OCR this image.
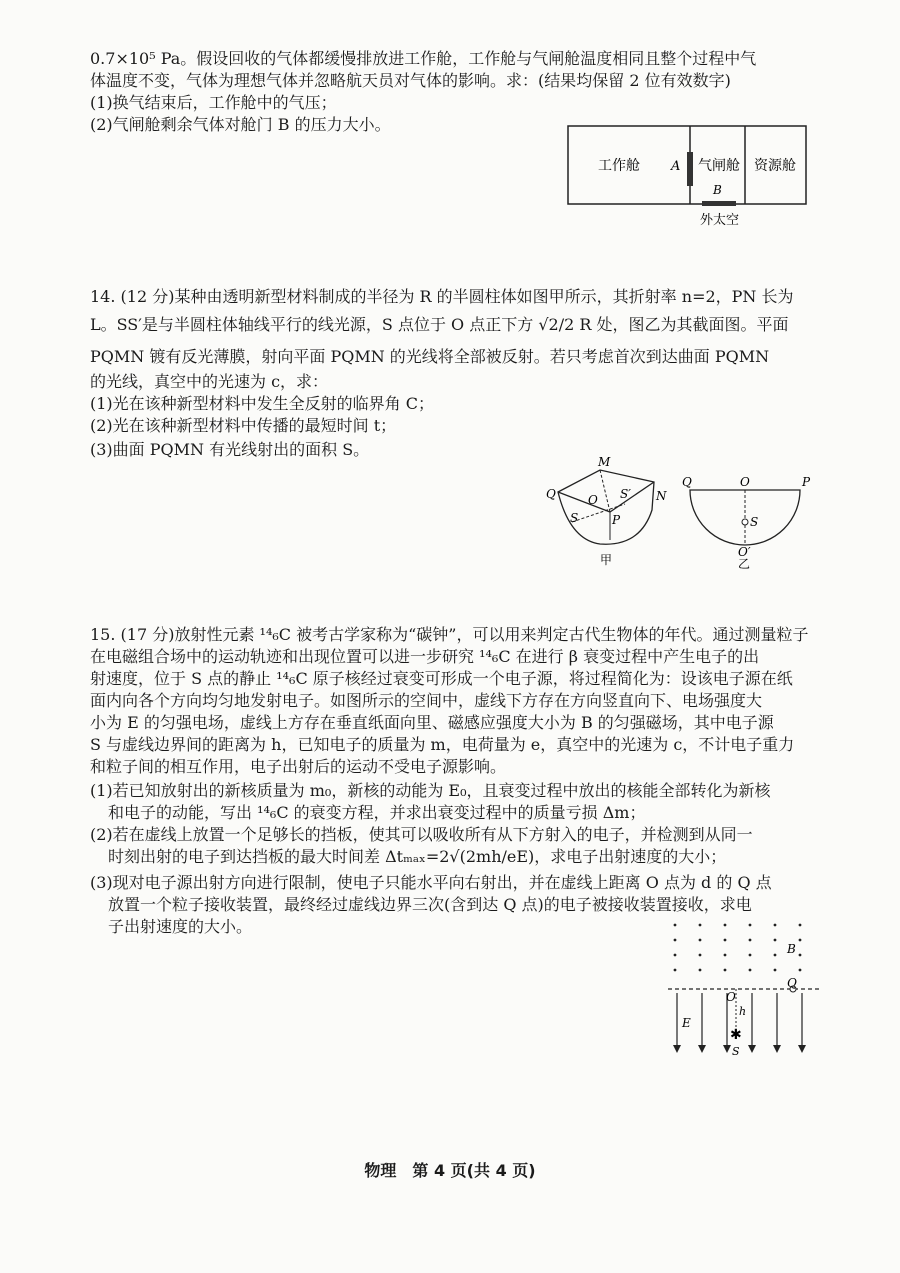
0.7×10⁵ Pa。假设回收的气体都缓慢排放进工作舱，工作舱与气闸舱温度相同且整个过程中气
体温度不变，气体为理想气体并忽略航天员对气体的影响。求：(结果均保留 2 位有效数字)
(1)换气结束后，工作舱中的气压；
(2)气闸舱剩余气体对舱门 B 的压力大小。
工作舱 A 气闸舱
B
资源舱
外太空
14. (12 分)某种由透明新型材料制成的半径为 R 的半圆柱体如图甲所示，其折射率 n=2，PN 长为
L。SS′是与半圆柱体轴线平行的线光源，S 点位于 O 点正下方 √2/2 R 处，图乙为其截面图。平面
PQMN 镀有反光薄膜，射向平面 PQMN 的光线将全部被反射。若只考虑首次到达曲面 PQMN
的光线，真空中的光速为 c，求：
(1)光在该种新型材料中发生全反射的临界角 C；
(2)光在该种新型材料中传播的最短时间 t；
(3)曲面 PQMN 有光线射出的面积 S。
M
Q	O S′ N
S	P
甲
Q	O	P
S
O′
乙
15. (17 分)放射性元素 ¹⁴₆C 被考古学家称为“碳钟”，可以用来判定古代生物体的年代。通过测量粒子
在电磁组合场中的运动轨迹和出现位置可以进一步研究 ¹⁴₆C 在进行 β 衰变过程中产生电子的出
射速度，位于 S 点的静止 ¹⁴₆C 原子核经过衰变可形成一个电子源，将过程简化为：设该电子源在纸
面内向各个方向均匀地发射电子。如图所示的空间中，虚线下方存在方向竖直向下、电场强度大
小为 E 的匀强电场，虚线上方存在垂直纸面向里、磁感应强度大小为 B 的匀强磁场，其中电子源
S 与虚线边界间的距离为 h，已知电子的质量为 m，电荷量为 e，真空中的光速为 c，不计电子重力
和粒子间的相互作用，电子出射后的运动不受电子源影响。
(1)若已知放射出的新核质量为 m₀，新核的动能为 E₀，且衰变过程中放出的核能全部转化为新核
和电子的动能，写出 ¹⁴₆C 的衰变方程，并求出衰变过程中的质量亏损 Δm；
(2)若在虚线上放置一个足够长的挡板，使其可以吸收所有从下方射入的电子，并检测到从同一
时刻出射的电子到达挡板的最大时间差 Δtₘₐₓ=2√(2mh/eE)，求电子出射速度的大小；
(3)现对电子源出射方向进行限制，使电子只能水平向右射出，并在虚线上距离 O 点为 d 的 Q 点
放置一个粒子接收装置，最终经过虚线边界三次(含到达 Q 点)的电子被接收装置接收，求电
子出射速度的大小。
✱
B
O
Q
h
E
S
物理　第 4 页(共 4 页)
